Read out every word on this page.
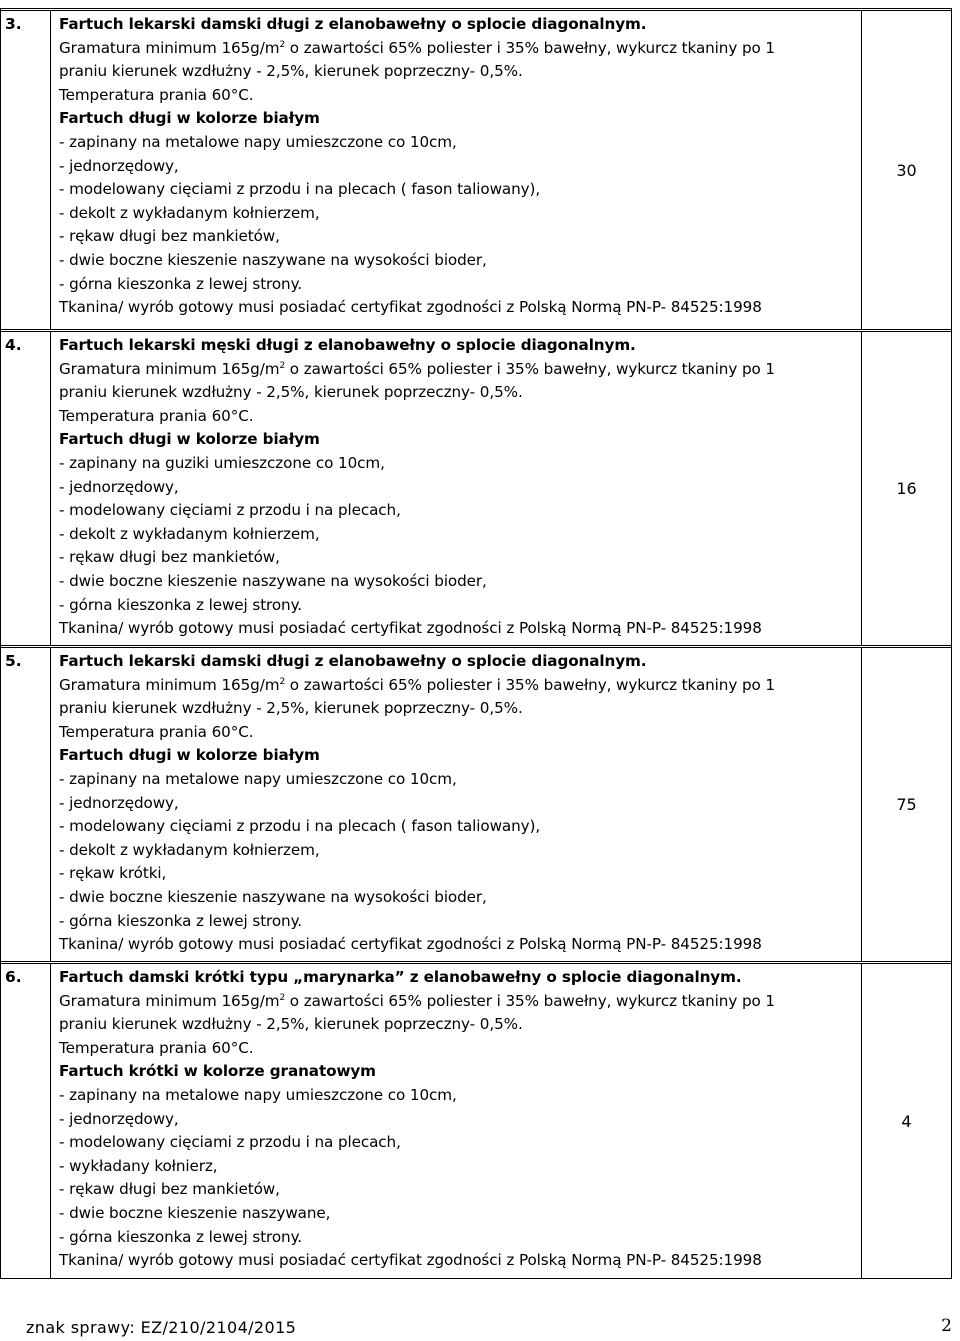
3. Fartuch lekarski damski długi z elanobawełny o splocie diagonalnym.
Gramatura minimum $165g/m^2$ o zawartości 65% poliester i 35% bawełny, wykurcz tkaniny po 1
praniu kierunek wzdłużny - 2,5%, kierunek poprzeczny- 0,5%.
Temperatura prania 60°C.
Fartuch długi w kolorze białym
- zapinany na metalowe napy umieszczone co 10cm,
- jednorzędowy,
- modelowany cięciami z przodu i na plecach ( fason taliowany),
- dekolt z wykładanym kołnierzem,
- rękaw długi bez mankietów,
- dwie boczne kieszenie naszywane na wysokości bioder,
- górna kieszonka z lewej strony.
Tkanina/ wyrób gotowy musi posiadać certyfikat zgodności z Polską Normą PN-P- 84525:1998
30
4. Fartuch lekarski męski długi z elanobawełny o splocie diagonalnym.
Gramatura minimum $165g/m^2$ o zawartości 65% poliester i 35% bawełny, wykurcz tkaniny po 1
praniu kierunek wzdłużny - 2,5%, kierunek poprzeczny- 0,5%.
Temperatura prania 60°C.
Fartuch długi w kolorze białym
- zapinany na guziki umieszczone co 10cm,
- jednorzędowy,
- modelowany cięciami z przodu i na plecach,
- dekolt z wykładanym kołnierzem,
- rękaw długi bez mankietów,
- dwie boczne kieszenie naszywane na wysokości bioder,
- górna kieszonka z lewej strony.
Tkanina/ wyrób gotowy musi posiadać certyfikat zgodności z Polską Normą PN-P- 84525:1998
16
5. Fartuch lekarski damski długi z elanobawełny o splocie diagonalnym.
Gramatura minimum $165g/m^2$ o zawartości 65% poliester i 35% bawełny, wykurcz tkaniny po 1
praniu kierunek wzdłużny - 2,5%, kierunek poprzeczny- 0,5%.
Temperatura prania 60°C.
Fartuch długi w kolorze białym
- zapinany na metalowe napy umieszczone co 10cm,
- jednorzędowy,
- modelowany cięciami z przodu i na plecach ( fason taliowany),
- dekolt z wykładanym kołnierzem,
- rękaw krótki,
- dwie boczne kieszenie naszywane na wysokości bioder,
- górna kieszonka z lewej strony.
Tkanina/ wyrób gotowy musi posiadać certyfikat zgodności z Polską Normą PN-P- 84525:1998
75
6. Fartuch damski krótki typu „marynarka” z elanobawełny o splocie diagonalnym.
Gramatura minimum $165g/m^2$ o zawartości 65% poliester i 35% bawełny, wykurcz tkaniny po 1
praniu kierunek wzdłużny - 2,5%, kierunek poprzeczny- 0,5%.
Temperatura prania 60°C.
Fartuch krótki w kolorze granatowym
- zapinany na metalowe napy umieszczone co 10cm,
- jednorzędowy,
- modelowany cięciami z przodu i na plecach,
- wykładany kołnierz,
- rękaw długi bez mankietów,
- dwie boczne kieszenie naszywane,
- górna kieszonka z lewej strony.
Tkanina/ wyrób gotowy musi posiadać certyfikat zgodności z Polską Normą PN-P- 84525:1998
4
znak sprawy: EZ/210/2104/2015	2
